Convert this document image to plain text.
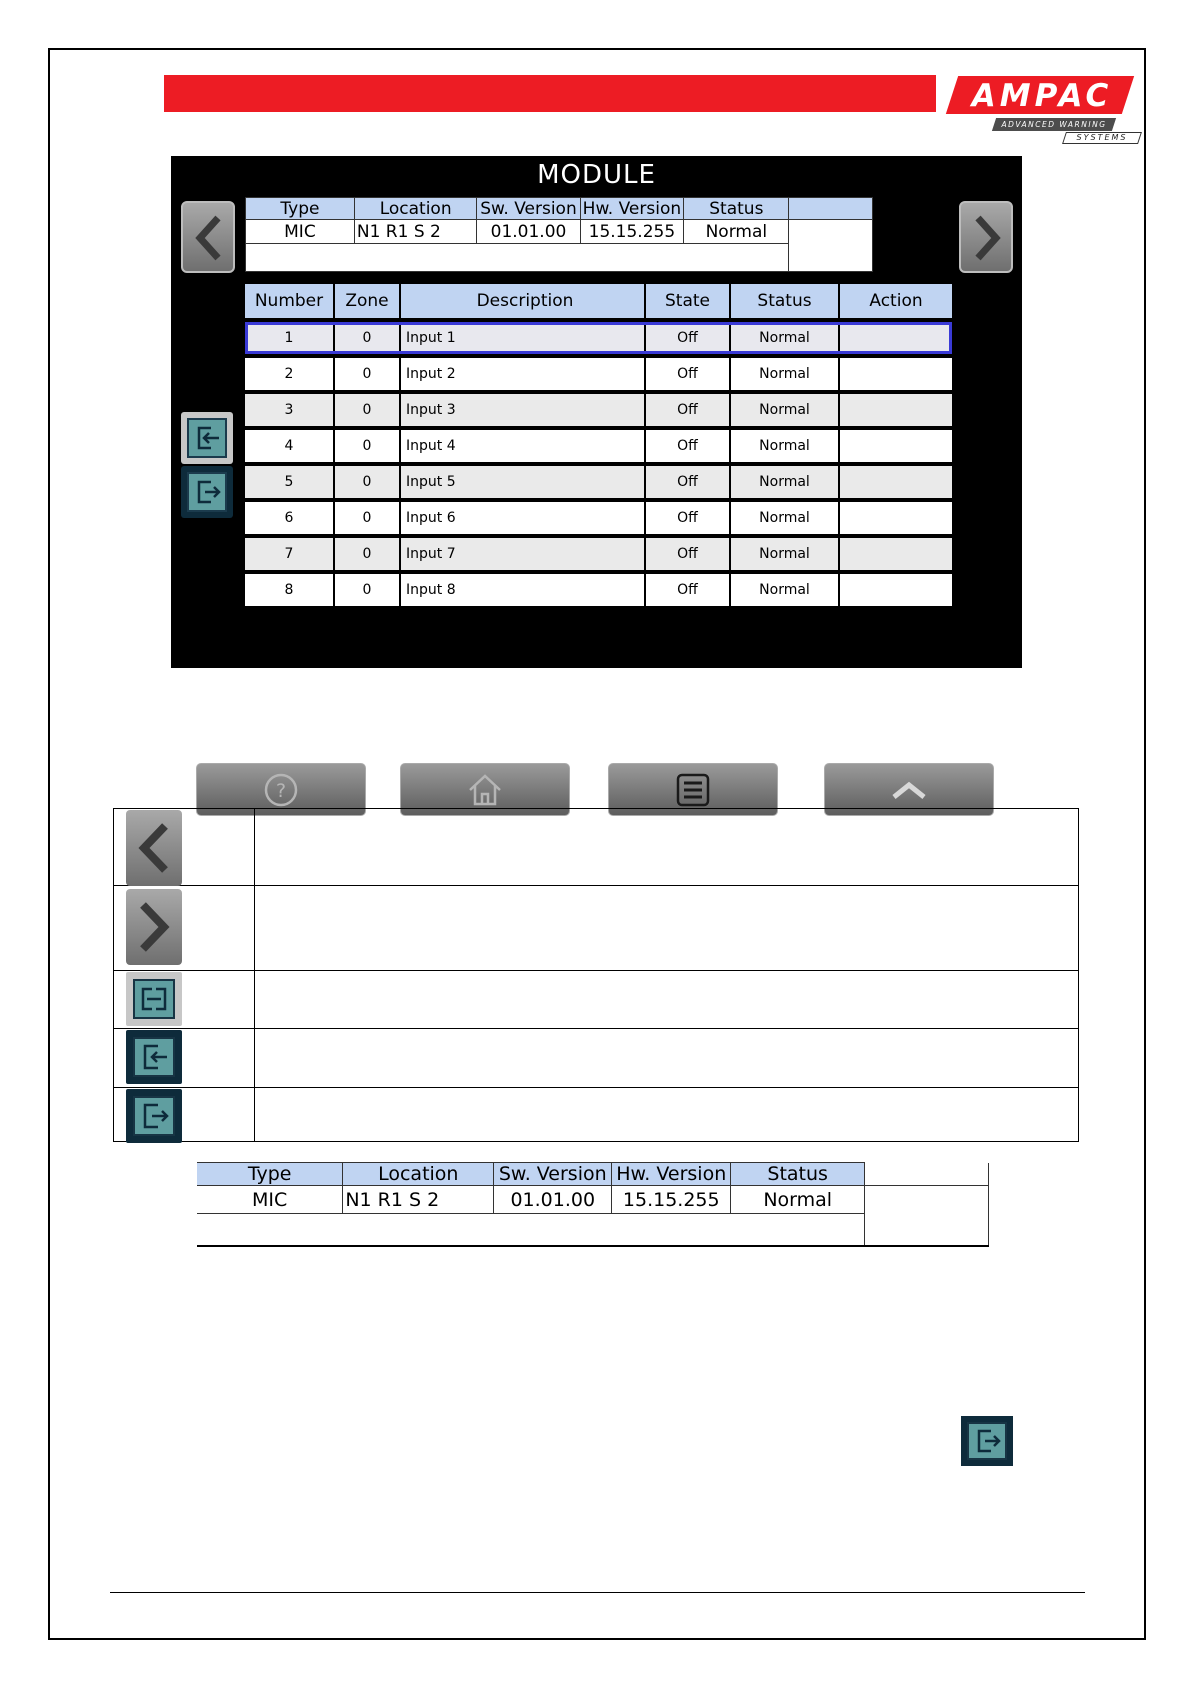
AMPAC
ADVANCED WARNING
SYSTEMS
MODULE
Type	Location	Sw. Version	Hw. Version	Status	
MIC	N1 R1 S 2	01.01.00	15.15.255	Normal	

Number	Zone	Description	State	Status	Action
1	0	Input 1	Off	Normal
2	0	Input 2	Off	Normal
3	0	Input 3	Off	Normal
4	0	Input 4	Off	Normal
5	0	Input 5	Off	Normal
6	0	Input 6	Off	Normal
7	0	Input 7	Off	Normal
8	0	Input 8	Off	Normal
?
Type	Location	Sw. Version	Hw. Version	Status	
MIC	N1 R1 S 2	01.01.00	15.15.255	Normal	
